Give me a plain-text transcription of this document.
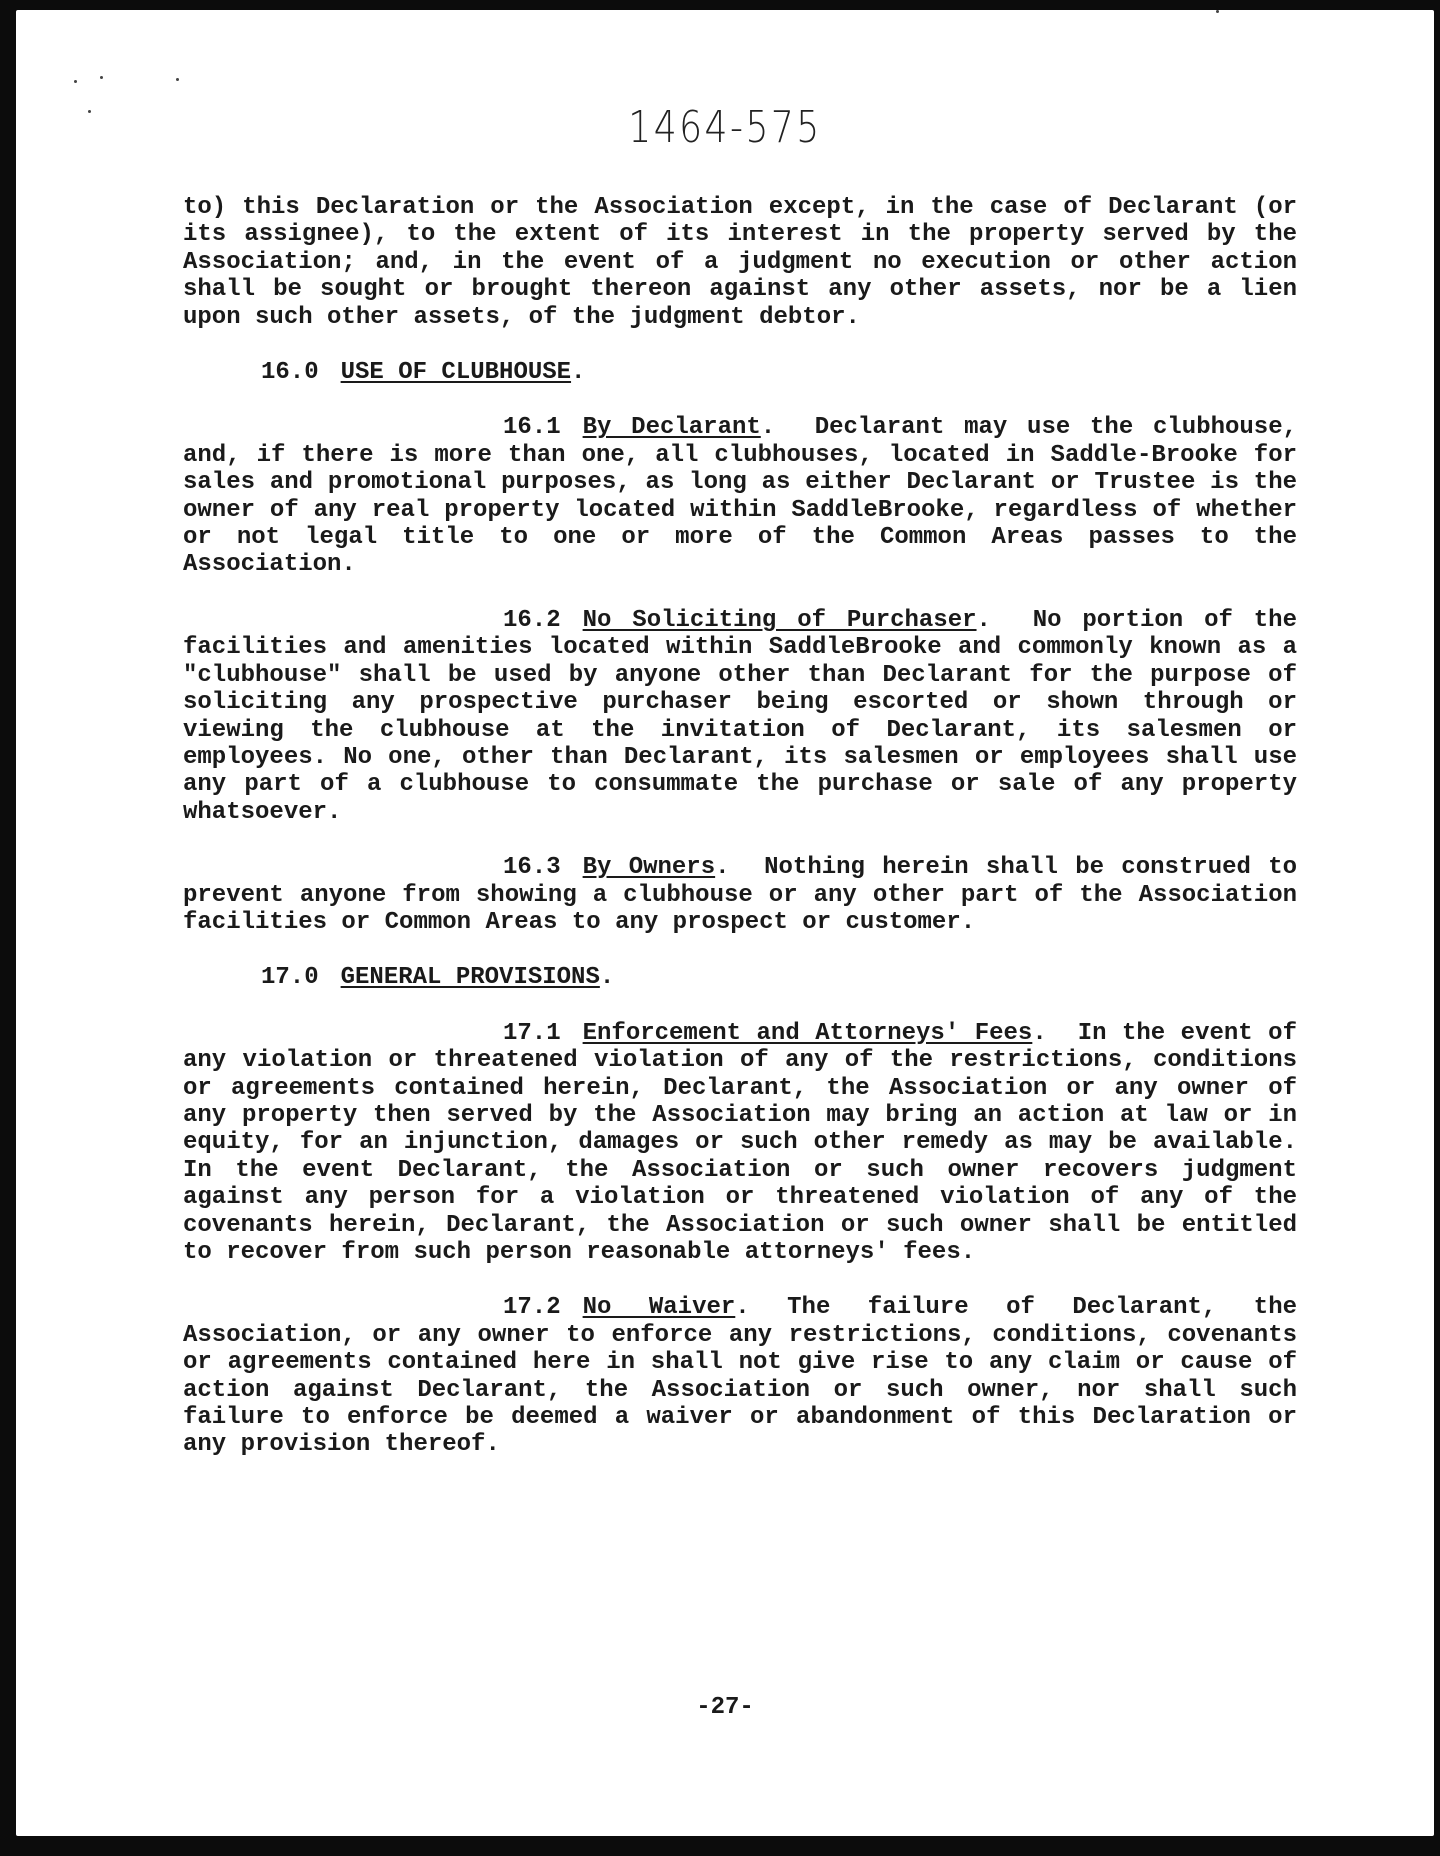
1464-575

to) this Declaration or the Association except, in the case of Declarant (or its assignee), to the extent of its interest in the property served by the Association; and, in the event of a judgment no execution or other action shall be sought or brought thereon against any other assets, nor be a lien upon such other assets, of the judgment debtor.

16.0 USE OF CLUBHOUSE.

16.1 By Declarant.  Declarant may use the clubhouse, and, if there is more than one, all clubhouses, located in Saddle-Brooke for sales and promotional purposes, as long as either Declarant or Trustee is the owner of any real property located within SaddleBrooke, regardless of whether or not legal title to one or more of the Common Areas passes to the Association.

16.2 No Soliciting of Purchaser.  No portion of the facilities and amenities located within SaddleBrooke and commonly known as a "clubhouse" shall be used by anyone other than Declarant for the purpose of soliciting any prospective purchaser being escorted or shown through or viewing the clubhouse at the invitation of Declarant, its salesmen or employees. No one, other than Declarant, its salesmen or employees shall use any part of a clubhouse to consummate the purchase or sale of any property whatsoever.

16.3 By Owners.  Nothing herein shall be construed to prevent anyone from showing a clubhouse or any other part of the Association facilities or Common Areas to any prospect or customer.

17.0 GENERAL PROVISIONS.

17.1 Enforcement and Attorneys' Fees.  In the event of any violation or threatened violation of any of the restrictions, conditions or agreements contained herein, Declarant, the Association or any owner of any property then served by the Association may bring an action at law or in equity, for an injunction, damages or such other remedy as may be available. In the event Declarant, the Association or such owner recovers judgment against any person for a violation or threatened violation of any of the covenants herein, Declarant, the Association or such owner shall be entitled to recover from such person reasonable attorneys' fees.

17.2 No Waiver. The failure of Declarant, the Association, or any owner to enforce any restrictions, conditions, covenants or agreements contained here in shall not give rise to any claim or cause of action against Declarant, the Association or such owner, nor shall such failure to enforce be deemed a waiver or abandonment of this Declaration or any provision thereof.

-27-
